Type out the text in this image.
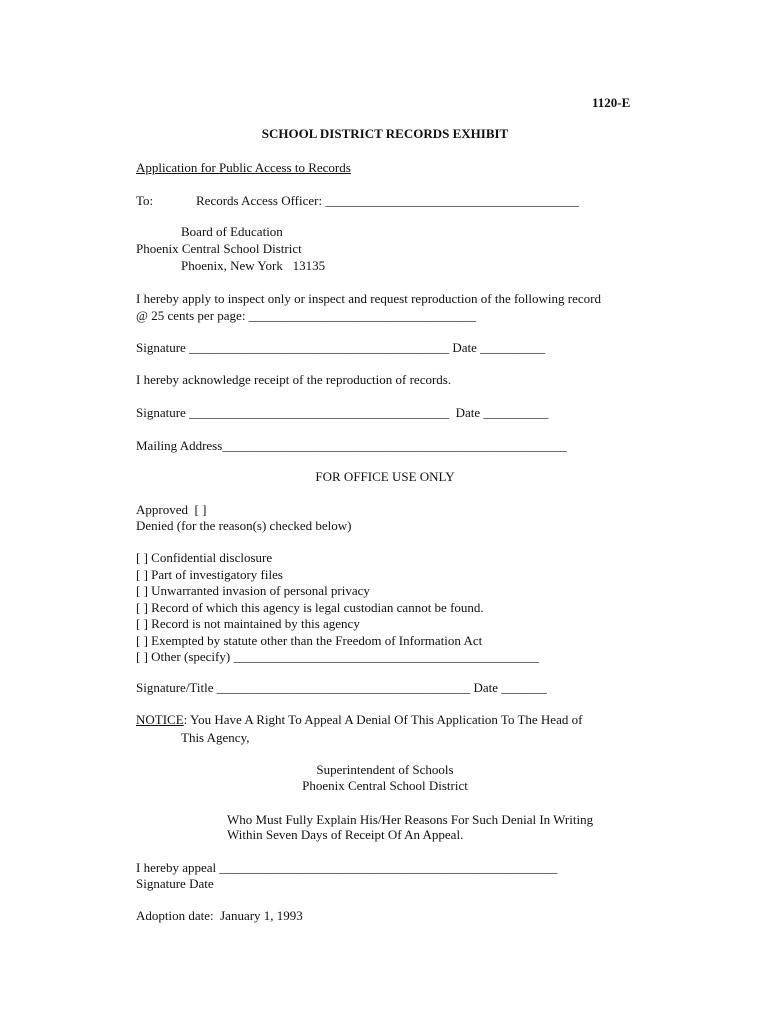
1120-E
SCHOOL DISTRICT RECORDS EXHIBIT
Application for Public Access to Records
To:	Records Access Officer: _______________________________________
Board of Education
Phoenix Central School District
Phoenix, New York   13135
I hereby apply to inspect only or inspect and request reproduction of the following record
@ 25 cents per page: ___________________________________
Signature ________________________________________ Date __________
I hereby acknowledge receipt of the reproduction of records.
Signature ________________________________________  Date __________
Mailing Address_____________________________________________________
FOR OFFICE USE ONLY
Approved  [ ]
Denied (for the reason(s) checked below)
[ ] Confidential disclosure
[ ] Part of investigatory files
[ ] Unwarranted invasion of personal privacy
[ ] Record of which this agency is legal custodian cannot be found.
[ ] Record is not maintained by this agency
[ ] Exempted by statute other than the Freedom of Information Act
[ ] Other (specify) _______________________________________________
Signature/Title _______________________________________ Date _______
NOTICE: You Have A Right To Appeal A Denial Of This Application To The Head of
This Agency,
Superintendent of Schools
Phoenix Central School District
Who Must Fully Explain His/Her Reasons For Such Denial In Writing
Within Seven Days of Receipt Of An Appeal.
I hereby appeal ____________________________________________________
Signature Date
Adoption date:  January 1, 1993
